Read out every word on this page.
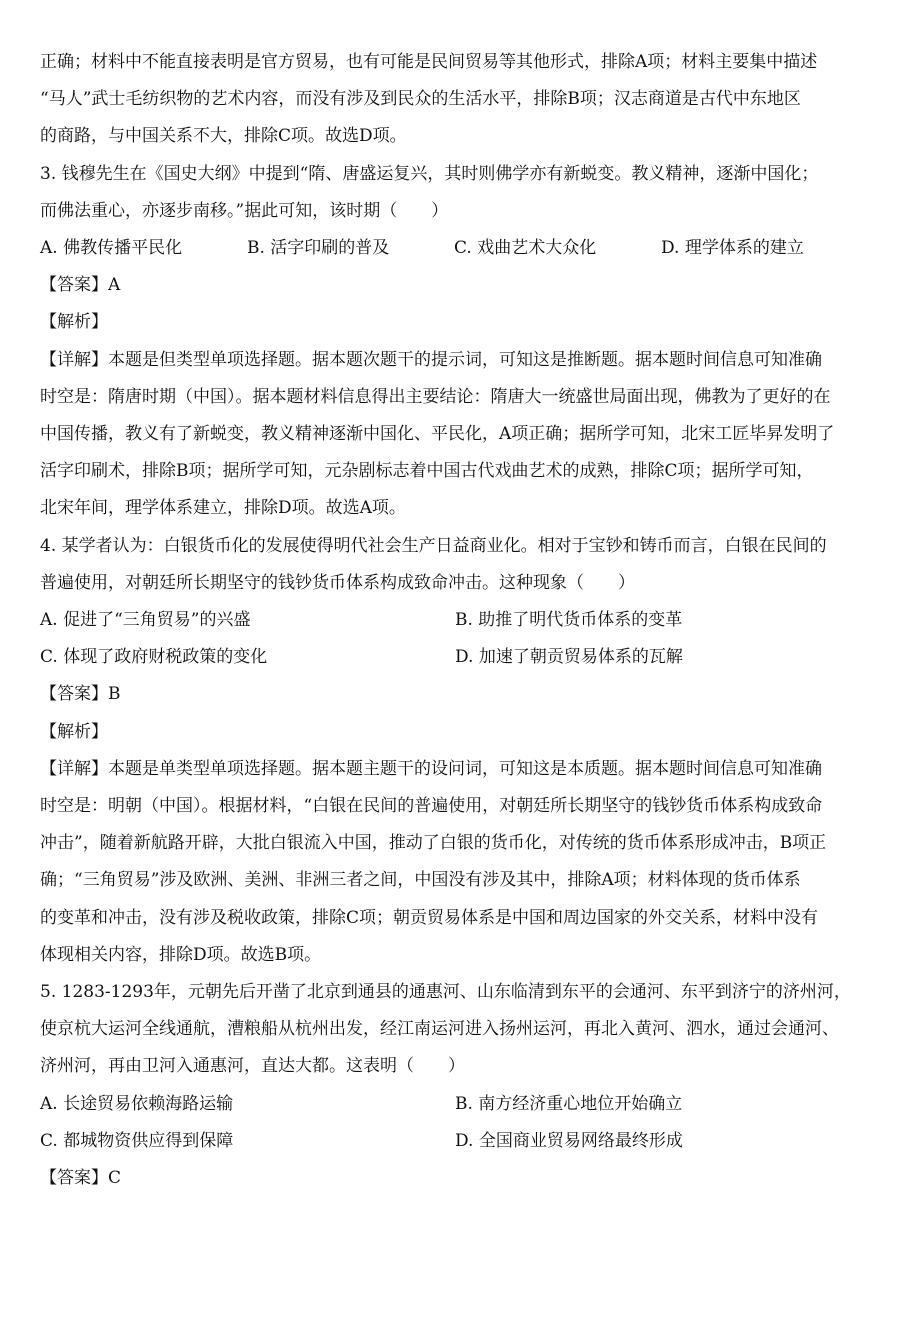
正确；材料中不能直接表明是官方贸易，也有可能是民间贸易等其他形式，排除A项；材料主要集中描述

“马人”武士毛纺织物的艺术内容，而没有涉及到民众的生活水平，排除B项；汉志商道是古代中东地区

的商路，与中国关系不大，排除C项。故选D项。

3. 钱穆先生在《国史大纲》中提到“隋、唐盛运复兴，其时则佛学亦有新蜕变。教义精神，逐渐中国化；

而佛法重心，亦逐步南移。”据此可知，该时期（　　）

A. 佛教传播平民化	B. 活字印刷的普及	C. 戏曲艺术大众化	D. 理学体系的建立

【答案】A

【解析】

【详解】本题是但类型单项选择题。据本题次题干的提示词，可知这是推断题。据本题时间信息可知准确

时空是：隋唐时期（中国）。据本题材料信息得出主要结论：隋唐大一统盛世局面出现，佛教为了更好的在

中国传播，教义有了新蜕变，教义精神逐渐中国化、平民化，A项正确；据所学可知，北宋工匠毕昇发明了

活字印刷术，排除B项；据所学可知，元杂剧标志着中国古代戏曲艺术的成熟，排除C项；据所学可知，

北宋年间，理学体系建立，排除D项。故选A项。

4. 某学者认为：白银货币化的发展使得明代社会生产日益商业化。相对于宝钞和铸币而言，白银在民间的

普遍使用，对朝廷所长期坚守的钱钞货币体系构成致命冲击。这种现象（　　）

A. 促进了“三角贸易”的兴盛	B. 助推了明代货币体系的变革
C. 体现了政府财税政策的变化	D. 加速了朝贡贸易体系的瓦解

【答案】B

【解析】

【详解】本题是单类型单项选择题。据本题主题干的设问词，可知这是本质题。据本题时间信息可知准确

时空是：明朝（中国）。根据材料，“白银在民间的普遍使用，对朝廷所长期坚守的钱钞货币体系构成致命

冲击”，随着新航路开辟，大批白银流入中国，推动了白银的货币化，对传统的货币体系形成冲击，B项正

确；“三角贸易”涉及欧洲、美洲、非洲三者之间，中国没有涉及其中，排除A项；材料体现的货币体系

的变革和冲击，没有涉及税收政策，排除C项；朝贡贸易体系是中国和周边国家的外交关系，材料中没有

体现相关内容，排除D项。故选B项。

5. 1283-1293年，元朝先后开凿了北京到通县的通惠河、山东临清到东平的会通河、东平到济宁的济州河，

使京杭大运河全线通航，漕粮船从杭州出发，经江南运河进入扬州运河，再北入黄河、泗水，通过会通河、

济州河，再由卫河入通惠河，直达大都。这表明（　　）

A. 长途贸易依赖海路运输	B. 南方经济重心地位开始确立
C. 都城物资供应得到保障	D. 全国商业贸易网络最终形成

【答案】C
